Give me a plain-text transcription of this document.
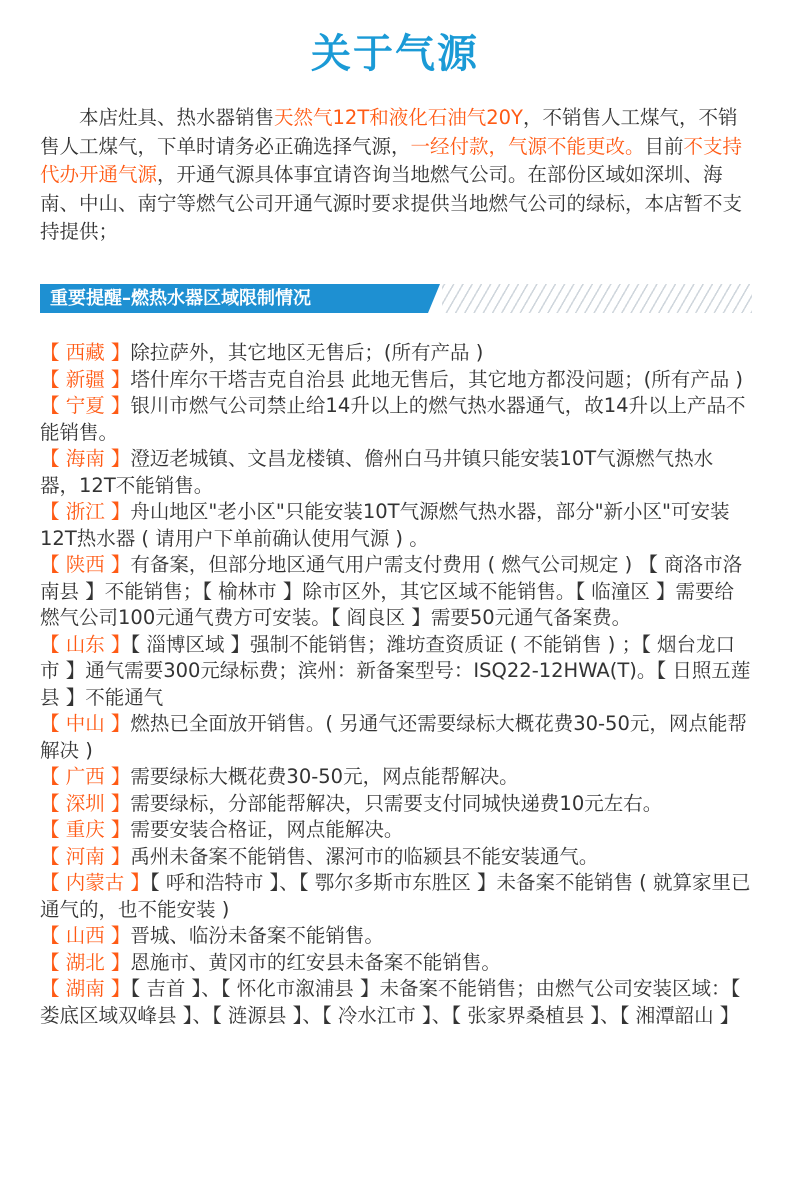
关于气源
本店灶具、热水器销售天然气12T和液化石油气20Y，不销售人工煤气，不销售人工煤气，下单时请务必正确选择气源，一经付款，气源不能更改。目前不支持代办开通气源，开通气源具体事宜请咨询当地燃气公司。在部份区域如深圳、海南、中山、南宁等燃气公司开通气源时要求提供当地燃气公司的绿标，本店暂不支持提供；
重要提醒–燃热水器区域限制情况

【 西藏 】除拉萨外，其它地区无售后；(所有产品 )

【 新疆 】塔什库尔干塔吉克自治县 此地无售后，其它地方都没问题；(所有产品 )

【 宁夏 】银川市燃气公司禁止给14升以上的燃气热水器通气，故14升以上产品不能销售。

【 海南 】澄迈老城镇、文昌龙楼镇、儋州白马井镇只能安装10T气源燃气热水器，12T不能销售。

【 浙江 】舟山地区"老小区"只能安装10T气源燃气热水器，部分"新小区"可安装12T热水器 ( 请用户下单前确认使用气源 ) 。

【 陕西 】有备案，但部分地区通气用户需支付费用 ( 燃气公司规定 ) 【 商洛市洛南县 】不能销售；【 榆林市 】除市区外，其它区域不能销售。【 临潼区 】需要给燃气公司100元通气费方可安装。【 阎良区 】需要50元通气备案费。

【 山东 】【 淄博区域 】强制不能销售；潍坊查资质证 ( 不能销售 ) ；【 烟台龙口市 】通气需要300元绿标费；滨州：新备案型号：ISQ22-12HWA(T)。【 日照五莲县 】不能通气

【 中山 】燃热已全面放开销售。( 另通气还需要绿标大概花费30-50元，网点能帮解决 )

【 广西 】需要绿标大概花费30-50元，网点能帮解决。

【 深圳 】需要绿标，分部能帮解决，只需要支付同城快递费10元左右。

【 重庆 】需要安装合格证，网点能解决。

【 河南 】禹州未备案不能销售、漯河市的临颍县不能安装通气。

【 内蒙古 】【 呼和浩特市 】、【 鄂尔多斯市东胜区 】未备案不能销售 ( 就算家里已通气的，也不能安装 )

【 山西 】晋城、临汾未备案不能销售。

【 湖北 】恩施市、黄冈市的红安县未备案不能销售。

【 湖南 】【 吉首 】、【 怀化市溆浦县 】未备案不能销售；由燃气公司安装区域：【 娄底区域双峰县 】、【 涟源县 】、【 冷水江市 】、【 张家界桑植县 】、【 湘潭韶山 】
